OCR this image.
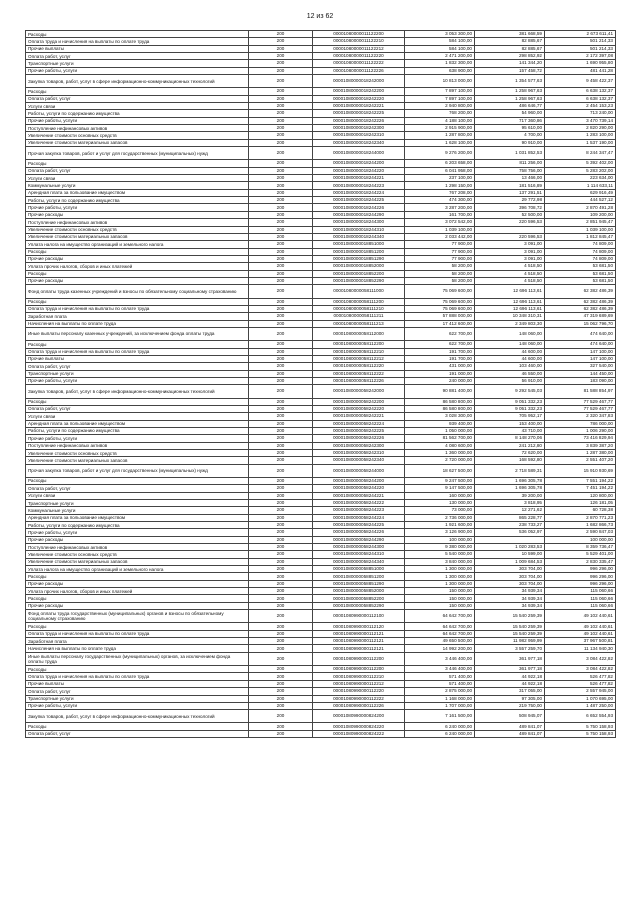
12 из 62
Расходы	200	00001080000011122200	3 053 300,00	381 668,59	2 673 611,41
Оплата труда и начисления на выплаты по оплате труда	200	00001080000011122210	584 100,00	82 885,67	501 214,33
Прочие выплаты	200	00001080000011122212	584 100,00	82 885,67	501 214,33
Оплата работ, услуг	200	00001080000011122220	2 471 200,00	298 852,92	2 172 397,08
Транспортные услуги	200	00001080000011122222	1 832 300,00	141 344,20	1 690 955,80
Прочие работы, услуги	200	00001080000011122226	638 900,00	157 458,72	481 441,28
Закупка товаров, работ, услуг в сфере информационно-коммуникационных технологий	200	00001080000018242000	10 813 000,00	1 354 577,63	9 458 422,37
Расходы	200	00001080000018242200	7 897 100,00	1 258 967,63	6 638 132,37
Оплата работ, услуг	200	00001080000018242220	7 897 100,00	1 258 967,63	6 638 132,37
Услуги связи	200	00001080000018242221	2 940 800,00	486 646,77	2 454 153,23
Работы, услуги по содержанию имущества	200	00001080000018242225	768 200,00	54 960,00	713 240,00
Прочие работы, услуги	200	00001080000018242226	4 188 100,00	717 360,86	3 470 739,14
Поступление нефинансовых активов	200	00001080000018242300	2 915 900,00	95 610,00	2 820 290,00
Увеличение стоимости основных средств	200	00001080000018242310	1 287 800,00	4 700,00	1 283 100,00
Увеличение стоимости материальных запасов	200	00001080000018242340	1 628 100,00	90 910,00	1 537 190,00
Прочая закупка товаров, работ и услуг для государственных (муниципальных) нужд	200	00001080000018244000	9 276 200,00	1 031 852,53	8 244 347,47
Расходы	200	00001080000018244200	6 203 658,00	811 256,00	5 392 402,00
Оплата работ, услуг	200	00001080000018244220	6 041 958,00	758 756,00	5 283 202,00
Услуги связи	200	00001080000018244221	237 100,00	13 466,00	223 634,00
Коммунальные услуги	200	00001080000018244223	1 298 150,00	181 516,89	1 114 633,11
Арендная плата за пользование имуществом	200	00001080000018244224	767 208,00	137 291,51	629 916,49
Работы, услуги по содержанию имущества	200	00001080000018244225	474 300,00	29 772,98	444 527,12
Прочие работы, услуги	200	00001080000018244226	3 287 200,00	396 708,72	2 870 491,28
Прочие расходы	200	00001080000018244290	161 700,00	52 500,00	109 200,00
Поступление нефинансовых активов	200	00001080000018244300	3 072 542,00	220 596,53	2 851 945,47
Увеличение стоимости основных средств	200	00001080000018244310	1 039 100,00		1 039 100,00
Увеличение стоимости материальных запасов	200	00001080000018244340	2 033 442,00	220 596,53	1 812 845,47
Уплата налога на имущество организаций и земельного налога	200	00001080000018851000	77 900,00	3 091,00	74 809,00
Расходы	200	00001080000018851200	77 900,00	3 091,00	74 809,00
Прочие расходы	200	00001080000018851290	77 900,00	3 091,00	74 809,00
Уплата прочих налогов, сборов и иных платежей	200	00001080000018852000	58 200,00	4 518,50	53 681,50
Расходы	200	00001080000018852200	58 200,00	4 518,50	53 681,50
Прочие расходы	200	00001080000018852290	58 200,00	4 518,50	53 681,50
Фонд оплаты труда казенных учреждений и взносы по обязательному социальному страхованию	200	00001080000058111000	75 069 600,00	12 696 113,61	62 382 486,39
Расходы	200	00001080000058111200	75 069 600,00	12 696 113,61	62 382 486,39
Оплата труда и начисления на выплаты по оплате труда	200	00001080000058111210	75 069 600,00	12 696 113,61	62 382 486,39
Заработная плата	200	00001080000058111211	57 888 000,00	10 348 310,31	47 319 689,69
Начисления на выплаты по оплате труда	200	00001080000058111213	17 412 600,00	2 349 803,30	15 062 796,70
Иные выплаты персоналу казенных учреждений, за исключением фонда оплаты труда	200	00001080000058112000	622 700,00	148 060,00	474 640,00
Расходы	200	00001080000058112200	622 700,00	148 060,00	474 640,00
Оплата труда и начисления на выплаты по оплате труда	200	00001080000058112210	191 700,00	44 600,00	147 100,00
Прочие выплаты	200	00001080000058112212	191 700,00	44 600,00	147 100,00
Оплата работ, услуг	200	00001080000058112220	431 000,00	103 460,00	327 540,00
Транспортные услуги	200	00001080000058112222	191 000,00	46 550,00	144 450,00
Прочие работы, услуги	200	00001080000058112226	240 000,00	56 910,00	183 090,00
Закупка товаров, работ, услуг в сфере информационно-коммуникационных технологий	200	00001080000058242000	90 881 400,00	9 292 545,03	81 588 854,97
Расходы	200	00001080000058242200	86 580 800,00	9 051 332,23	77 529 467,77
Оплата работ, услуг	200	00001080000058242220	86 580 800,00	9 051 332,23	77 529 467,77
Услуги связи	200	00001080000058242221	3 028 300,00	705 952,17	2 320 347,83
Арендная плата за пользование имуществом	200	00001080000058242224	939 400,00	153 400,00	786 000,00
Работы, услуги по содержанию имущества	200	00001080000058242225	1 050 000,00	43 710,00	1 006 290,00
Прочие работы, услуги	200	00001080000058242226	81 562 700,00	8 148 270,06	73 416 829,94
Поступление нефинансовых активов	200	00001080000058242300	4 080 600,00	241 212,80	3 839 387,20
Увеличение стоимости основных средств	200	00001080000058242310	1 360 000,00	72 620,00	1 287 380,00
Увеличение стоимости материальных запасов	200	00001080000058242340	2 720 000,00	168 592,80	2 551 407,20
Прочая закупка товаров, работ и услуг для государственных (муниципальных) нужд	200	00001080000058244000	18 627 500,00	2 718 589,31	15 910 930,69
Расходы	200	00001080000058244200	9 247 500,00	1 696 305,78	7 551 194,22
Оплата работ, услуг	200	00001080000058244220	9 147 500,00	1 696 305,78	7 451 194,22
Услуги связи	200	00001080000058244221	160 000,00	39 200,00	120 800,00
Транспортные услуги	200	00001080000058244222	130 000,00	3 818,95	126 181,05
Коммунальные услуги	200	00001080000058244223	73 000,00	12 271,62	60 728,38
Арендная плата за пользование имуществом	200	00001080000058244224	2 736 000,00	865 228,77	2 870 771,23
Работы, услуги по содержанию имущества	200	00001080000058244225	1 921 600,00	238 733,27	1 682 866,73
Прочие работы, услуги	200	00001080000058244226	3 126 900,00	536 052,97	2 590 847,03
Прочие расходы	200	00001080000058244290	100 000,00		100 000,00
Поступление нефинансовых активов	200	00001080000058244300	9 380 000,00	1 020 283,53	8 359 736,47
Увеличение стоимости основных средств	200	00001080000058244310	5 540 000,00	10 599,00	5 529 401,00
Увеличение стоимости материальных запасов	200	00001080000058244340	3 840 000,00	1 009 684,53	2 830 335,47
Уплата налога на имущество организаций и земельного налога	200	00001080000058851000	1 300 000,00	303 704,00	996 296,00
Расходы	200	00001080000058851200	1 300 000,00	303 704,00	996 296,00
Прочие расходы	200	00001080000058851290	1 300 000,00	303 704,00	996 296,00
Уплата прочих налогов, сборов и иных платежей	200	00001080000058852000	150 000,00	34 939,34	115 060,66
Расходы	200	00001080000058852200	150 000,00	34 939,34	115 060,66
Прочие расходы	200	00001080000058852290	150 000,00	34 939,34	115 060,66
Фонд оплаты труда государственных (муниципальных) органов и взносы по обязательному социальному страхованию	200	00001080990000112100	64 642 700,00	15 540 259,39	49 102 440,61
Расходы	200	00001080990000112120	64 642 700,00	15 540 259,39	49 102 440,61
Оплата труда и начисления на выплаты по оплате труда	200	00001080990000112121	64 642 700,00	15 540 259,39	49 102 440,61
Заработная плата	200	00001080990000112121	49 650 500,00	11 982 959,99	37 967 500,81
Начисления на выплаты по оплате труда	200	00001080990000112121	14 992 200,00	3 557 259,70	11 134 940,30
Иные выплаты персоналу государственных (муниципальных) органов, за исключением фонда оплаты труда	200	00001080990000112200	3 446 400,00	361 977,18	3 084 422,82
Расходы	200	00001080990000112200	3 446 400,00	361 977,18	3 084 422,82
Оплата труда и начисления на выплаты по оплате труда	200	00001080990000112210	571 400,00	44 922,18	526 477,82
Прочие выплаты	200	00001080990000112212	571 400,00	44 922,18	526 477,82
Оплата работ, услуг	200	00001080990000112220	2 875 000,00	317 055,00	2 557 945,00
Транспортные услуги	200	00001080990000112222	1 168 000,00	97 305,00	1 070 695,00
Прочие работы, услуги	200	00001080990000112226	1 707 000,00	219 750,00	1 487 250,00
Закупка товаров, работ, услуг в сфере информационно-коммуникационных технологий	200	00001080990000824200	7 161 500,00	508 945,07	6 652 554,93
Расходы	200	00001080990000824220	6 240 000,00	489 841,07	5 750 158,93
Оплата работ, услуг	200	00001080990000824222	6 240 000,00	489 841,07	5 750 158,93
